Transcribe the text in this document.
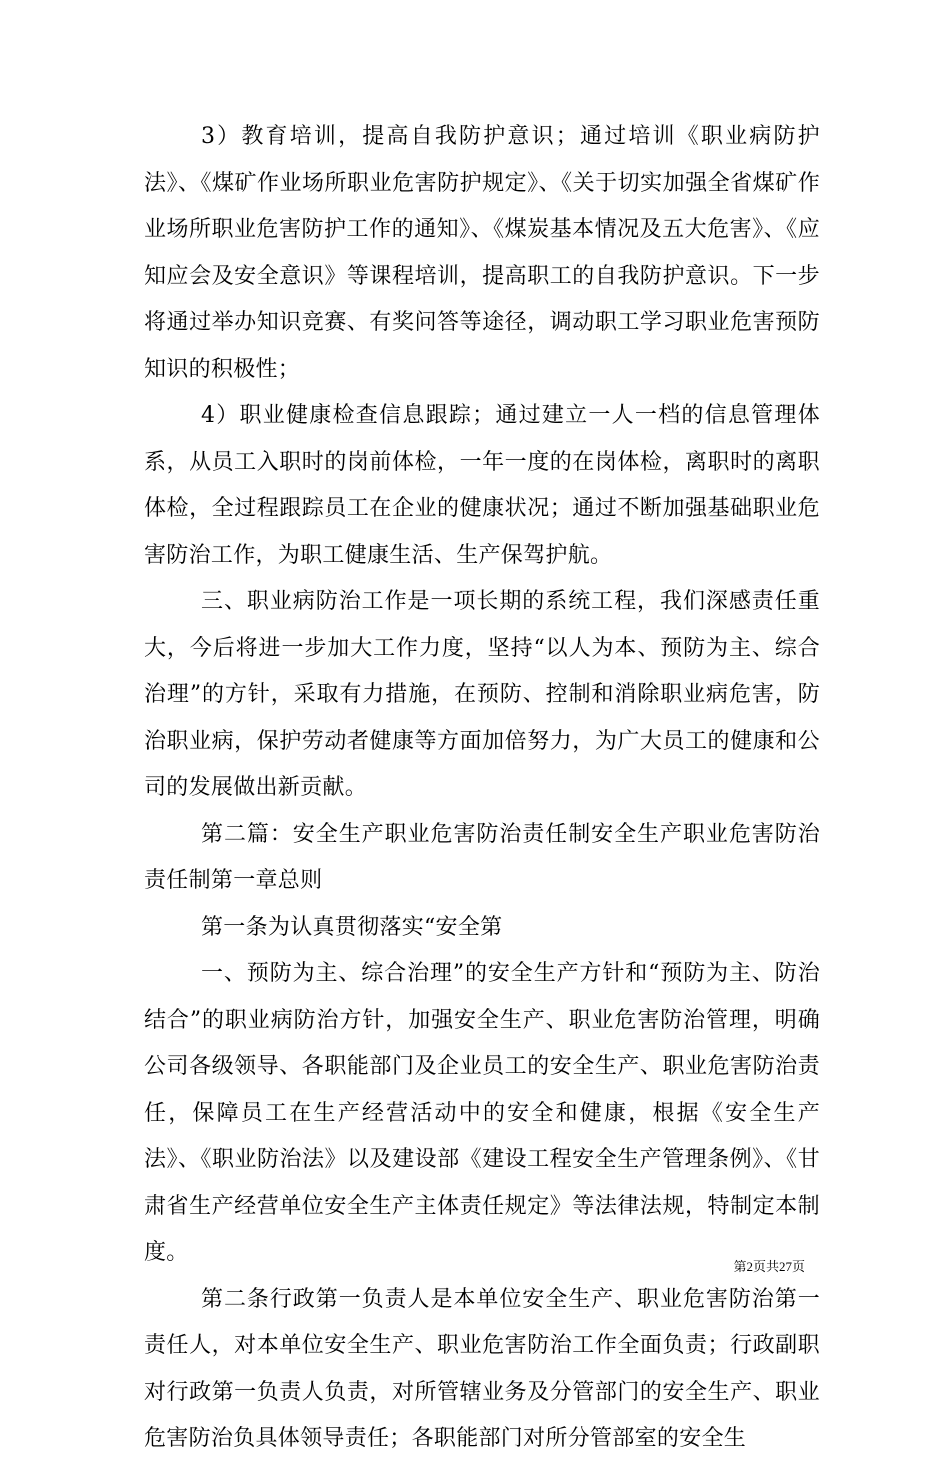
3）教育培训，提高自我防护意识；通过培训《职业病防护法》、《煤矿作业场所职业危害防护规定》、《关于切实加强全省煤矿作业场所职业危害防护工作的通知》、《煤炭基本情况及五大危害》、《应知应会及安全意识》等课程培训，提高职工的自我防护意识。下一步将通过举办知识竞赛、有奖问答等途径，调动职工学习职业危害预防知识的积极性；

4）职业健康检查信息跟踪；通过建立一人一档的信息管理体系，从员工入职时的岗前体检，一年一度的在岗体检，离职时的离职体检，全过程跟踪员工在企业的健康状况；通过不断加强基础职业危害防治工作，为职工健康生活、生产保驾护航。

三、职业病防治工作是一项长期的系统工程，我们深感责任重大，今后将进一步加大工作力度，坚持“以人为本、预防为主、综合治理”的方针，采取有力措施，在预防、控制和消除职业病危害，防治职业病，保护劳动者健康等方面加倍努力，为广大员工的健康和公司的发展做出新贡献。

第二篇：安全生产职业危害防治责任制安全生产职业危害防治责任制第一章总则

第一条为认真贯彻落实“安全第

一、预防为主、综合治理”的安全生产方针和“预防为主、防治结合”的职业病防治方针，加强安全生产、职业危害防治管理，明确公司各级领导、各职能部门及企业员工的安全生产、职业危害防治责任，保障员工在生产经营活动中的安全和健康，根据《安全生产法》、《职业防治法》以及建设部《建设工程安全生产管理条例》、《甘肃省生产经营单位安全生产主体责任规定》等法律法规，特制定本制度。

第二条行政第一负责人是本单位安全生产、职业危害防治第一责任人，对本单位安全生产、职业危害防治工作全面负责；行政副职对行政第一负责人负责，对所管辖业务及分管部门的安全生产、职业危害防治负具体领导责任；各职能部门对所分管部室的安全生

第2页共27页
